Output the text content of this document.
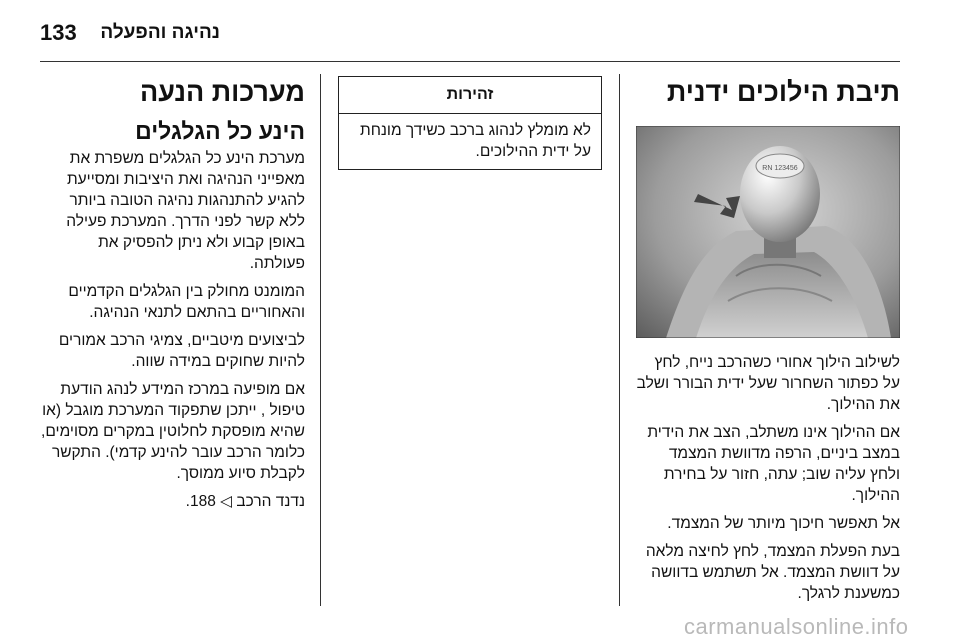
133 נהיגה והפעלה
תיבת הילוכים ידנית
RN 123456

לשילוב הילוך אחורי כשהרכב נייח, לחץ על כפתור השחרור שעל ידית הבורר ושלב את ההילוך.

אם ההילוך אינו משתלב, הצב את הידית במצב ביניים, הרפה מדוושת המצמד ולחץ עליה שוב; עתה, חזור על בחירת ההילוך.

אל תאפשר חיכוך מיותר של המצמד.

בעת הפעלת המצמד, לחץ לחיצה מלאה על דוושת המצמד. אל תשתמש בדוושה כמשענת לרגלך.

זהירות
לא מומלץ לנהוג ברכב כשידך מונחת על ידית ההילוכים.
מערכות הנעה
הינע כל הגלגלים

מערכת הינע כל הגלגלים משפרת את מאפייני הנהיגה ואת היציבות ומסייעת להגיע להתנהגות נהיגה הטובה ביותר ללא קשר לפני הדרך. המערכת פעילה באופן קבוע ולא ניתן להפסיק את פעולתה.

המומנט מחולק בין הגלגלים הקדמיים והאחוריים בהתאם לתנאי הנהיגה.

לביצועים מיטביים, צמיגי הרכב אמורים להיות שחוקים במידה שווה.

אם מופיעה במרכז המידע לנהג הודעת טיפול , ייתכן שתפקוד המערכת מוגבל (או שהיא מופסקת לחלוטין במקרים מסוימים, כלומר הרכב עובר להינע קדמי). התקשר לקבלת סיוע ממוסך.

נדנד הרכב ◁ 188.

carmanualsonline.info
